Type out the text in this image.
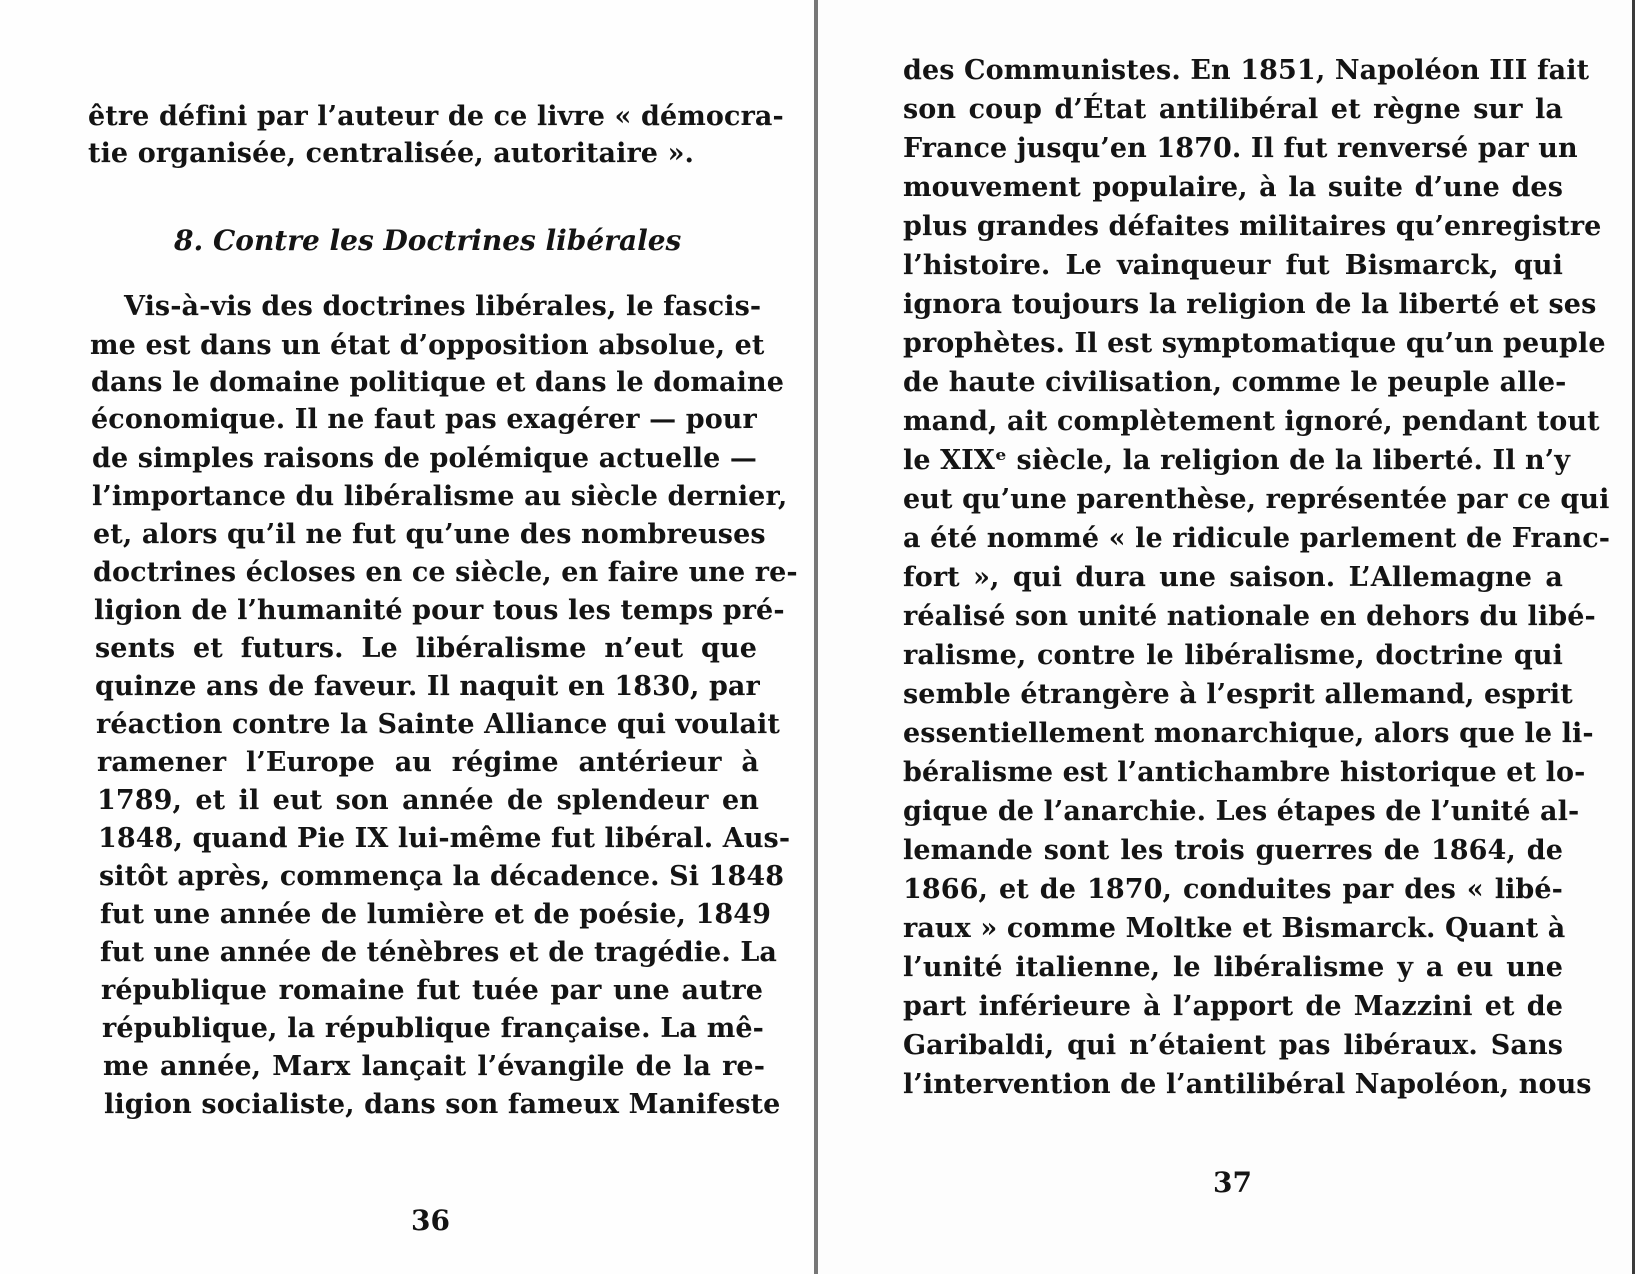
être défini par l’auteur de ce livre « démocra-
tie organisée, centralisée, autoritaire ».
8. Contre les Doctrines libérales
Vis-à-vis des doctrines libérales, le fascis-
me est dans un état d’opposition absolue, et
dans le domaine politique et dans le domaine
économique. Il ne faut pas exagérer — pour
de simples raisons de polémique actuelle —
l’importance du libéralisme au siècle dernier,
et, alors qu’il ne fut qu’une des nombreuses
doctrines écloses en ce siècle, en faire une re-
ligion de l’humanité pour tous les temps pré-
sents et futurs. Le libéralisme n’eut que
quinze ans de faveur. Il naquit en 1830, par
réaction contre la Sainte Alliance qui voulait
ramener l’Europe au régime antérieur à
1789, et il eut son année de splendeur en
1848, quand Pie IX lui-même fut libéral. Aus-
sitôt après, commença la décadence. Si 1848
fut une année de lumière et de poésie, 1849
fut une année de ténèbres et de tragédie. La
république romaine fut tuée par une autre
république, la république française. La mê-
me année, Marx lançait l’évangile de la re-
ligion socialiste, dans son fameux Manifeste
36
des Communistes. En 1851, Napoléon III fait
son coup d’État antilibéral et règne sur la
France jusqu’en 1870. Il fut renversé par un
mouvement populaire, à la suite d’une des
plus grandes défaites militaires qu’enregistre
l’histoire. Le vainqueur fut Bismarck, qui
ignora toujours la religion de la liberté et ses
prophètes. Il est symptomatique qu’un peuple
de haute civilisation, comme le peuple alle-
mand, ait complètement ignoré, pendant tout
le XIXᵉ siècle, la religion de la liberté. Il n’y
eut qu’une parenthèse, représentée par ce qui
a été nommé « le ridicule parlement de Franc-
fort », qui dura une saison. L’Allemagne a
réalisé son unité nationale en dehors du libé-
ralisme, contre le libéralisme, doctrine qui
semble étrangère à l’esprit allemand, esprit
essentiellement monarchique, alors que le li-
béralisme est l’antichambre historique et lo-
gique de l’anarchie. Les étapes de l’unité al-
lemande sont les trois guerres de 1864, de
1866, et de 1870, conduites par des « libé-
raux » comme Moltke et Bismarck. Quant à
l’unité italienne, le libéralisme y a eu une
part inférieure à l’apport de Mazzini et de
Garibaldi, qui n’étaient pas libéraux. Sans
l’intervention de l’antilibéral Napoléon, nous
37
